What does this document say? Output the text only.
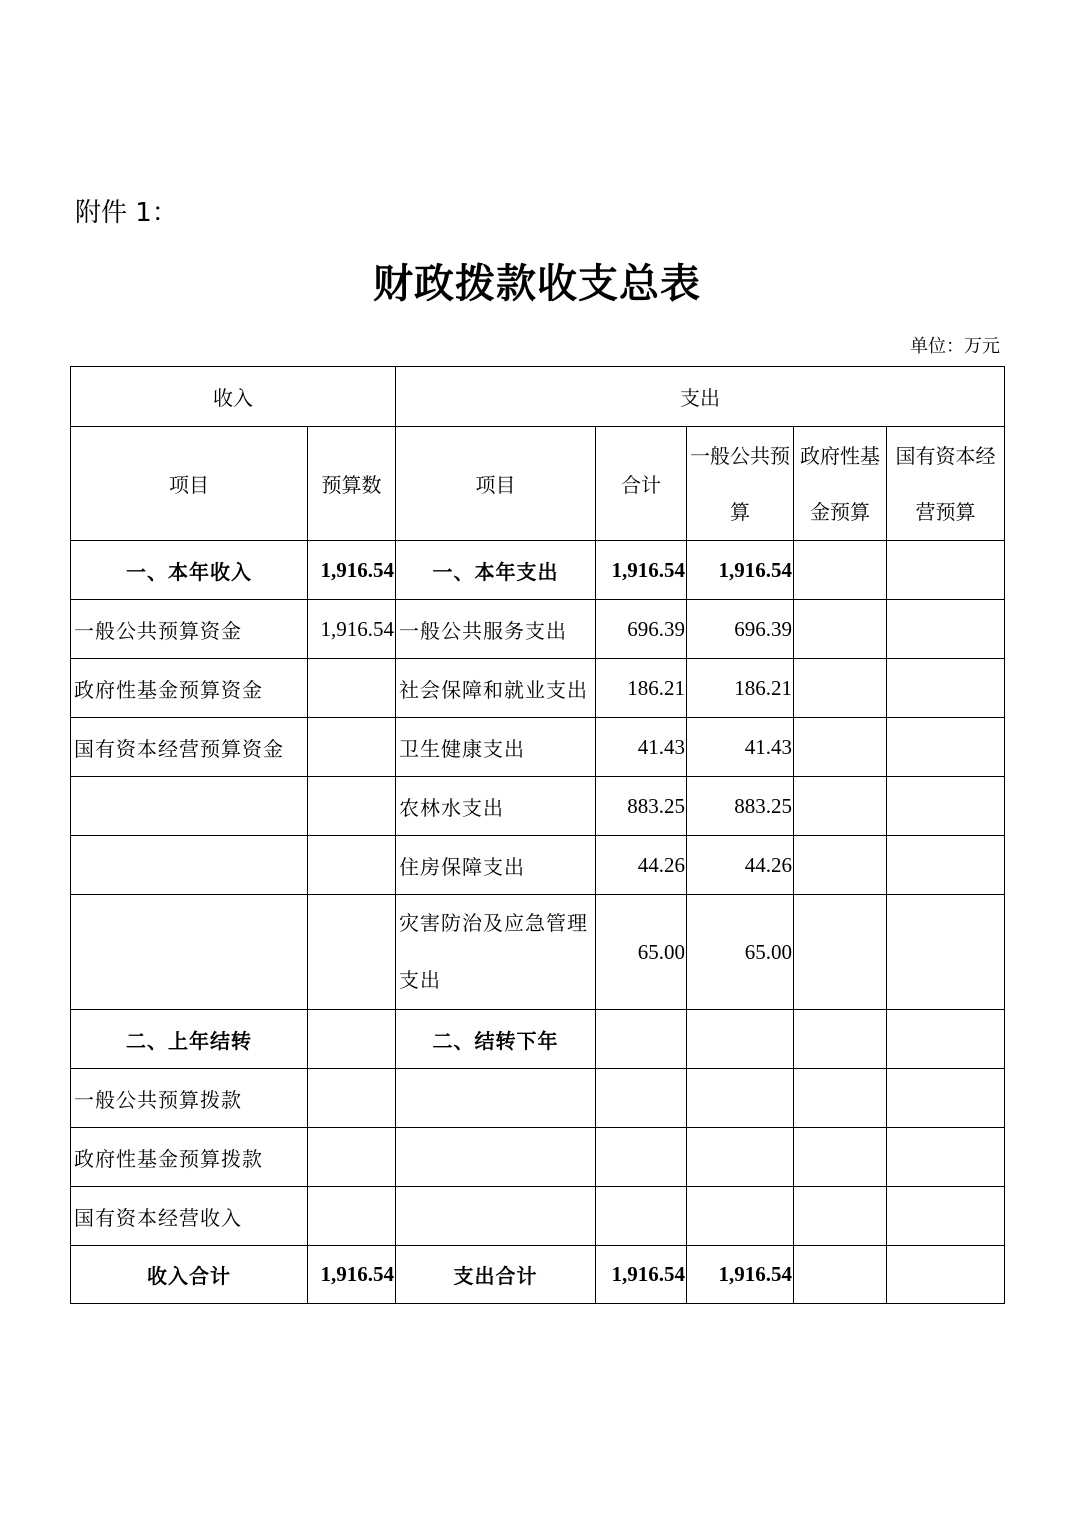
附件 1：
财政拨款收支总表
单位：万元
收入		支出				
项目	预算数	项目	合计	一般公共预算	政府性基金预算	国有资本经营预算
一、本年收入	1,916.54	一、本年支出	1,916.54	1,916.54		
一般公共预算资金	1,916.54	一般公共服务支出	696.39	696.39		
政府性基金预算资金		社会保障和就业支出	186.21	186.21		
国有资本经营预算资金		卫生健康支出	41.43	41.43		
		农林水支出	883.25	883.25		
		住房保障支出	44.26	44.26		
		灾害防治及应急管理支出	65.00	65.00		
二、上年结转		二、结转下年				
一般公共预算拨款						
政府性基金预算拨款						
国有资本经营收入						
收入合计	1,916.54	支出合计	1,916.54	1,916.54		
